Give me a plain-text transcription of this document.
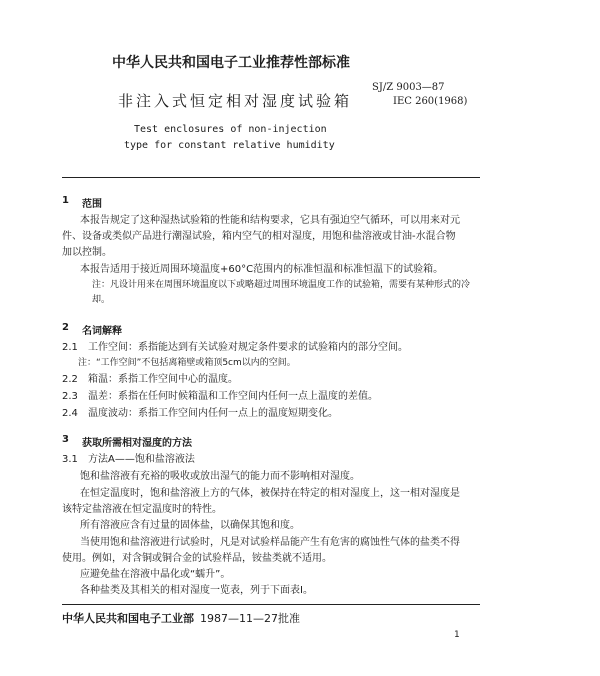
中华人民共和国电子工业推荐性部标准
非注入式恒定相对湿度试验箱
SJ/Z 9003—87
IEC 260(1968)
Test enclosures of non-injection
type for constant relative humidity
1 范围
本报告规定了这种湿热试验箱的性能和结构要求，它具有强迫空气循环，可以用来对元
件、设备或类似产品进行潮湿试验，箱内空气的相对湿度，用饱和盐溶液或甘油-水混合物
加以控制。
本报告适用于接近周围环境温度+60°C范围内的标准恒温和标准恒温下的试验箱。
注：凡设计用来在周围环境温度以下或略超过周围环境温度工作的试验箱，需要有某种形式的冷
却。
2 名词解释
2.1 工作空间：系指能达到有关试验对规定条件要求的试验箱内的部分空间。
注：“工作空间”不包括离箱壁或箱顶5cm以内的空间。
2.2 箱温：系指工作空间中心的温度。
2.3 温差：系指在任何时候箱温和工作空间内任何一点上温度的差值。
2.4 温度波动：系指工作空间内任何一点上的温度短期变化。
3 获取所需相对湿度的方法
3.1 方法A——饱和盐溶液法
饱和盐溶液有充裕的吸收或放出湿气的能力而不影响相对湿度。
在恒定温度时，饱和盐溶液上方的气体，被保持在特定的相对湿度上，这一相对湿度是
该特定盐溶液在恒定温度时的特性。
所有溶液应含有过量的固体盐，以确保其饱和度。
当使用饱和盐溶液进行试验时，凡是对试验样品能产生有危害的腐蚀性气体的盐类不得
使用。例如，对含铜或铜合金的试验样品，铵盐类就不适用。
应避免盐在溶液中晶化或“蠕升”。
各种盐类及其相关的相对湿度一览表，列于下面表Ⅰ。
中华人民共和国电子工业部 1987—11—27批准
1
